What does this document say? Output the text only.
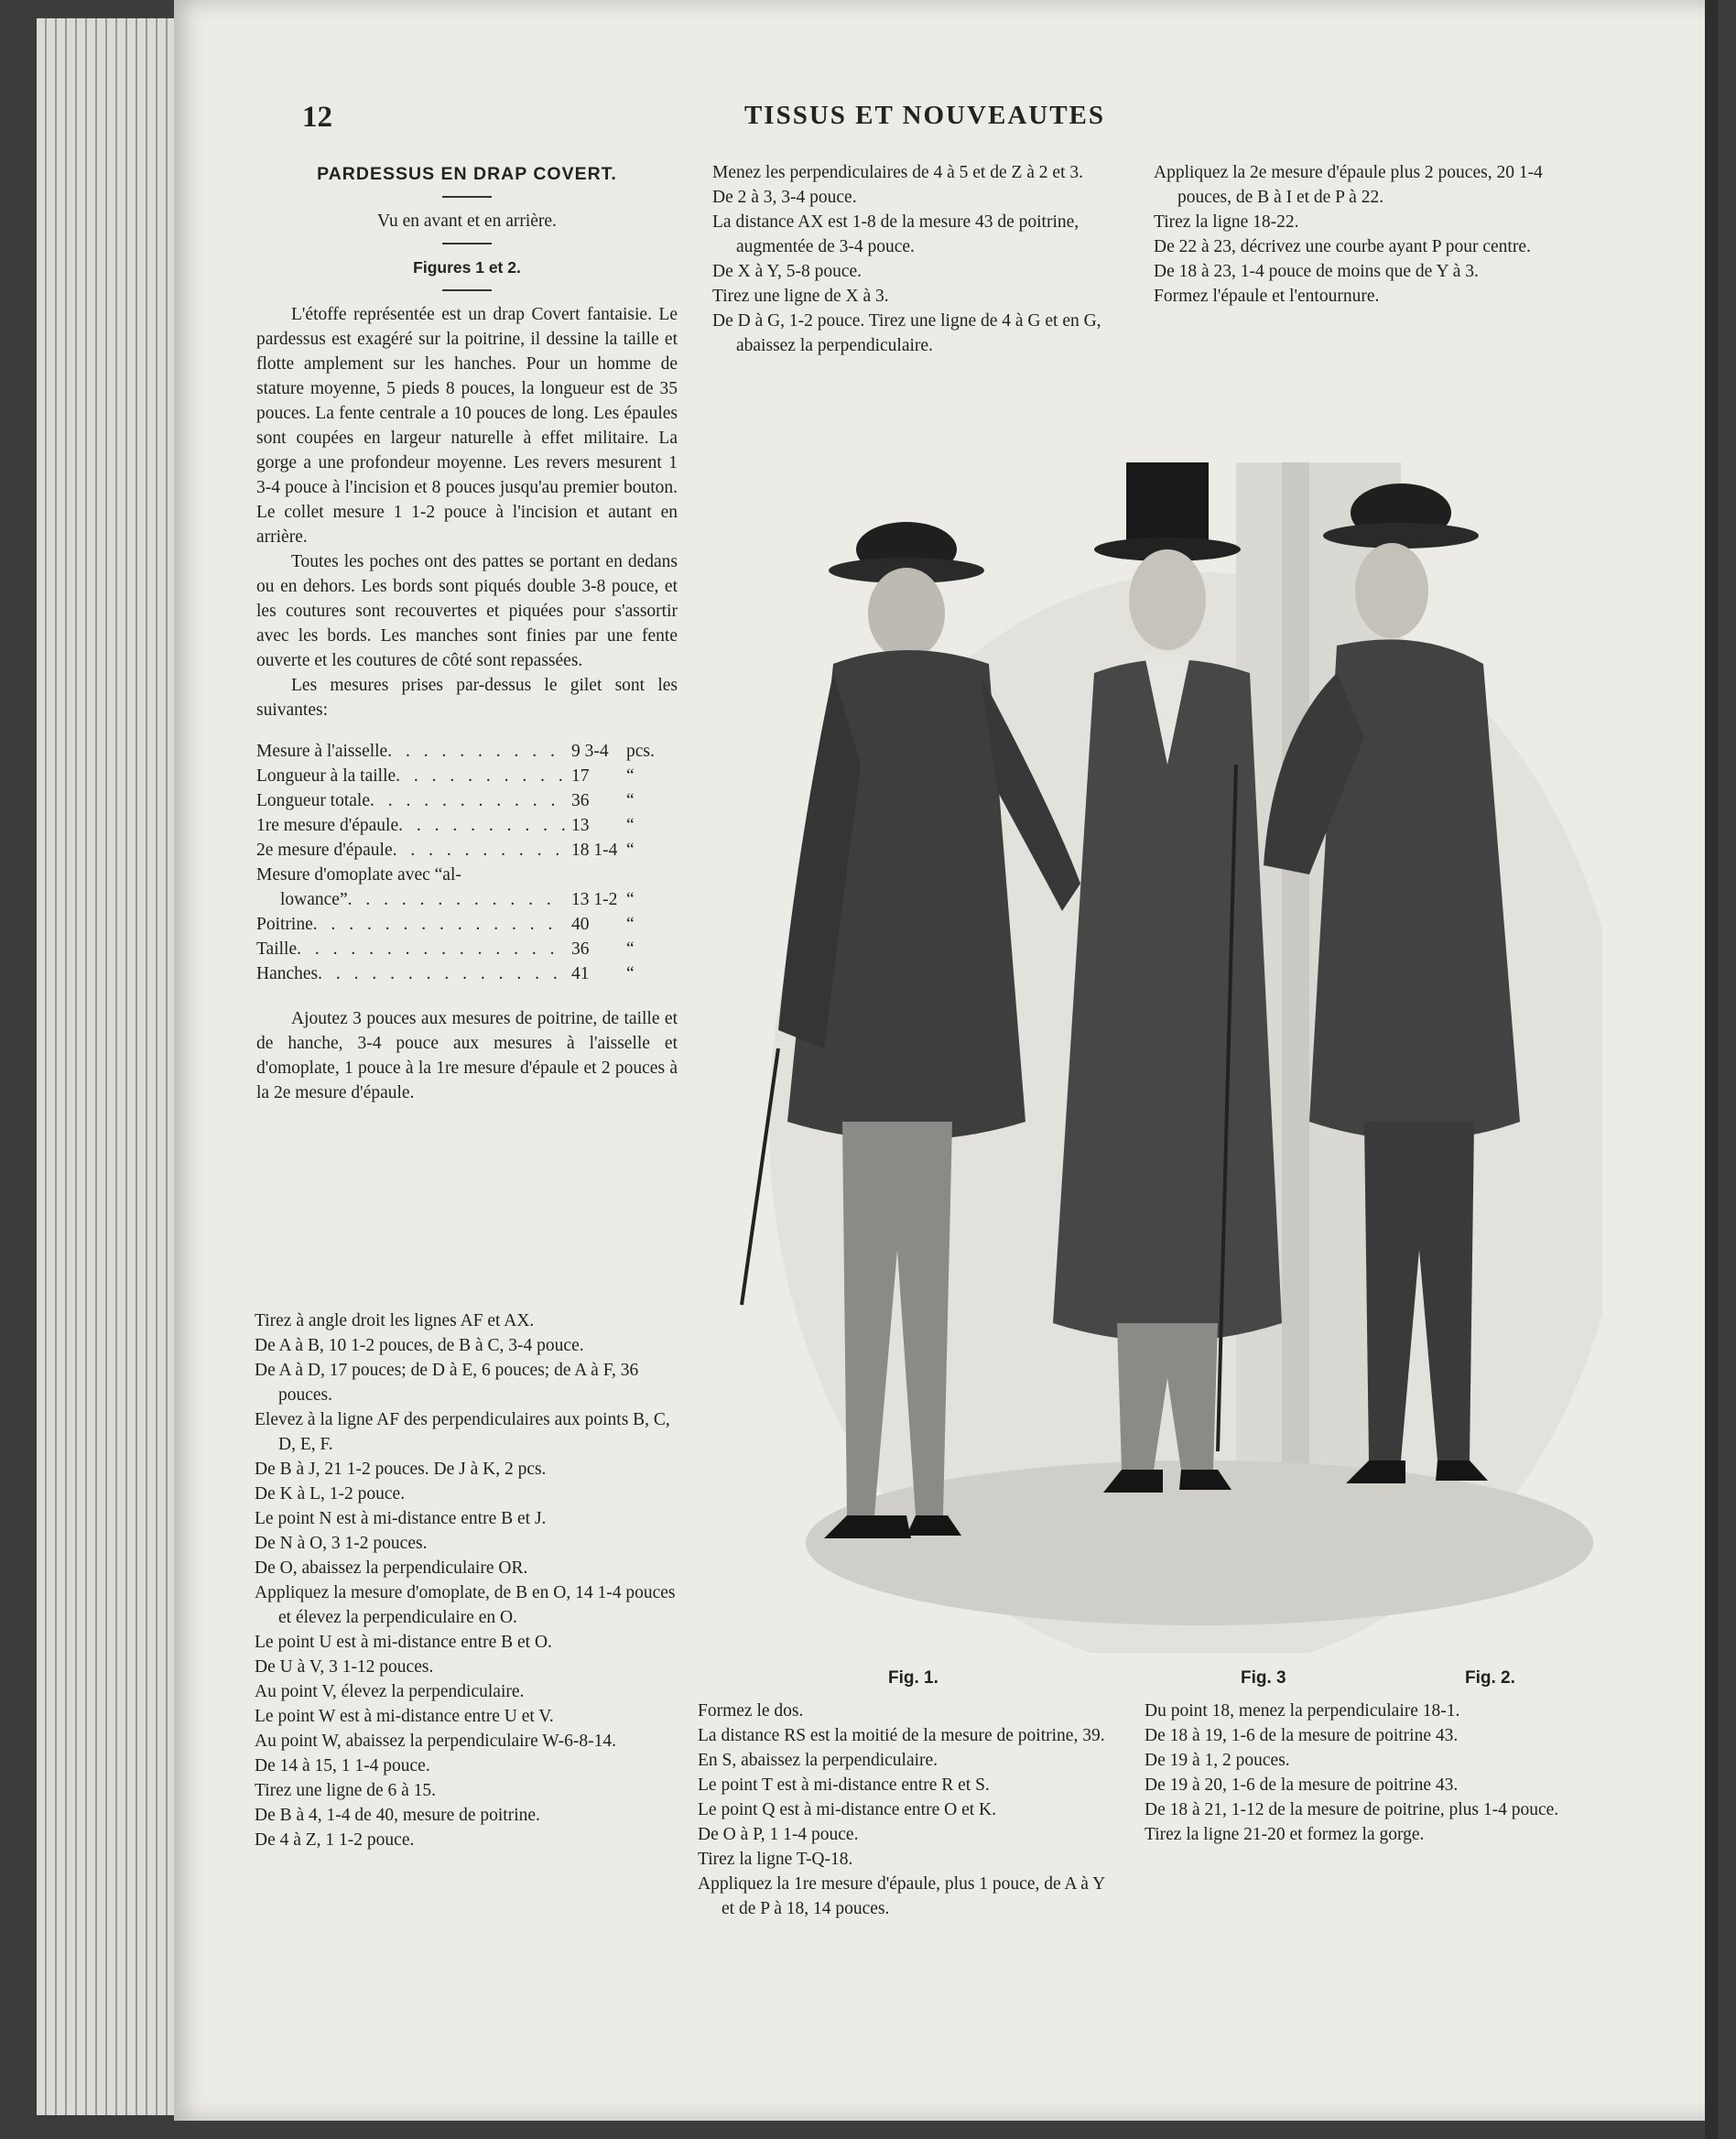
12	TISSUS ET NOUVEAUTES
PARDESSUS EN DRAP COVERT.

Vu en avant et en arrière.

Figures 1 et 2.

L'étoffe représentée est un drap Covert fantaisie. Le pardessus est exagéré sur la poitrine, il dessine la taille et flotte amplement sur les hanches. Pour un homme de stature moyenne, 5 pieds 8 pouces, la longueur est de 35 pouces. La fente centrale a 10 pouces de long. Les épaules sont coupées en largeur naturelle à effet militaire. La gorge a une profondeur moyenne. Les revers mesurent 1 3-4 pouce à l'incision et 8 pouces jusqu'au premier bouton. Le collet mesure 1 1-2 pouce à l'incision et autant en arrière.

Toutes les poches ont des pattes se portant en dedans ou en dehors. Les bords sont piqués double 3-8 pouce, et les coutures sont recouvertes et piquées pour s'assortir avec les bords. Les manches sont finies par une fente ouverte et les coutures de côté sont repassées.

Les mesures prises par-dessus le gilet sont les suivantes:

Mesure à l'aisselle . . .	9 3-4 pcs.
Longueur à la taille . . .	17	“
Longueur totale . . .	36	“
1re mesure d'épaule . . .	13	“
2e mesure d'épaule . . .	18 1-4 “
Mesure d'omoplate avec “al-
lowance” . . .	13 1-2 “
Poitrine . . .	40	“
Taille . . .	36	“
Hanches . . .	41	“

Ajoutez 3 pouces aux mesures de poitrine, de taille et de hanche, 3-4 pouce aux mesures à l'aisselle et d'omoplate, 1 pouce à la 1re mesure d'épaule et 2 pouces à la 2e mesure d'épaule.

Tirez à angle droit les lignes AF et AX.

De A à B, 10 1-2 pouces, de B à C, 3-4 pouce.

De A à D, 17 pouces; de D à E, 6 pouces; de A à F, 36 pouces.

Elevez à la ligne AF des perpendiculaires aux points B, C, D, E, F.

De B à J, 21 1-2 pouces. De J à K, 2 pcs.

De K à L, 1-2 pouce.

Le point N est à mi-distance entre B et J.

De N à O, 3 1-2 pouces.

De O, abaissez la perpendiculaire OR.

Appliquez la mesure d'omoplate, de B en O, 14 1-4 pouces et élevez la perpendiculaire en O.

Le point U est à mi-distance entre B et O.

De U à V, 3 1-12 pouces.

Au point V, élevez la perpendiculaire.

Le point W est à mi-distance entre U et V.

Au point W, abaissez la perpendiculaire W-6-8-14.

De 14 à 15, 1 1-4 pouce.

Tirez une ligne de 6 à 15.

De B à 4, 1-4 de 40, mesure de poitrine.

De 4 à Z, 1 1-2 pouce.

Menez les perpendiculaires de 4 à 5 et de Z à 2 et 3.

De 2 à 3, 3-4 pouce.

La distance AX est 1-8 de la mesure 43 de poitrine, augmentée de 3-4 pouce.

De X à Y, 5-8 pouce.

Tirez une ligne de X à 3.

De D à G, 1-2 pouce. Tirez une ligne de 4 à G et en G, abaissez la perpendiculaire.

Appliquez la 2e mesure d'épaule plus 2 pouces, 20 1-4 pouces, de B à I et de P à 22.

Tirez la ligne 18-22.

De 22 à 23, décrivez une courbe ayant P pour centre.

De 18 à 23, 1-4 pouce de moins que de Y à 3.

Formez l'épaule et l'entournure.

Fig. 1.	Fig. 3	Fig. 2.

Formez le dos.

La distance RS est la moitié de la mesure de poitrine, 39.

En S, abaissez la perpendiculaire.

Le point T est à mi-distance entre R et S.

Le point Q est à mi-distance entre O et K.

De O à P, 1 1-4 pouce.

Tirez la ligne T-Q-18.

Appliquez la 1re mesure d'épaule, plus 1 pouce, de A à Y et de P à 18, 14 pouces.

Du point 18, menez la perpendiculaire 18-1.

De 18 à 19, 1-6 de la mesure de poitrine 43.

De 19 à 1, 2 pouces.

De 19 à 20, 1-6 de la mesure de poitrine 43.

De 18 à 21, 1-12 de la mesure de poitrine, plus 1-4 pouce.

Tirez la ligne 21-20 et formez la gorge.
